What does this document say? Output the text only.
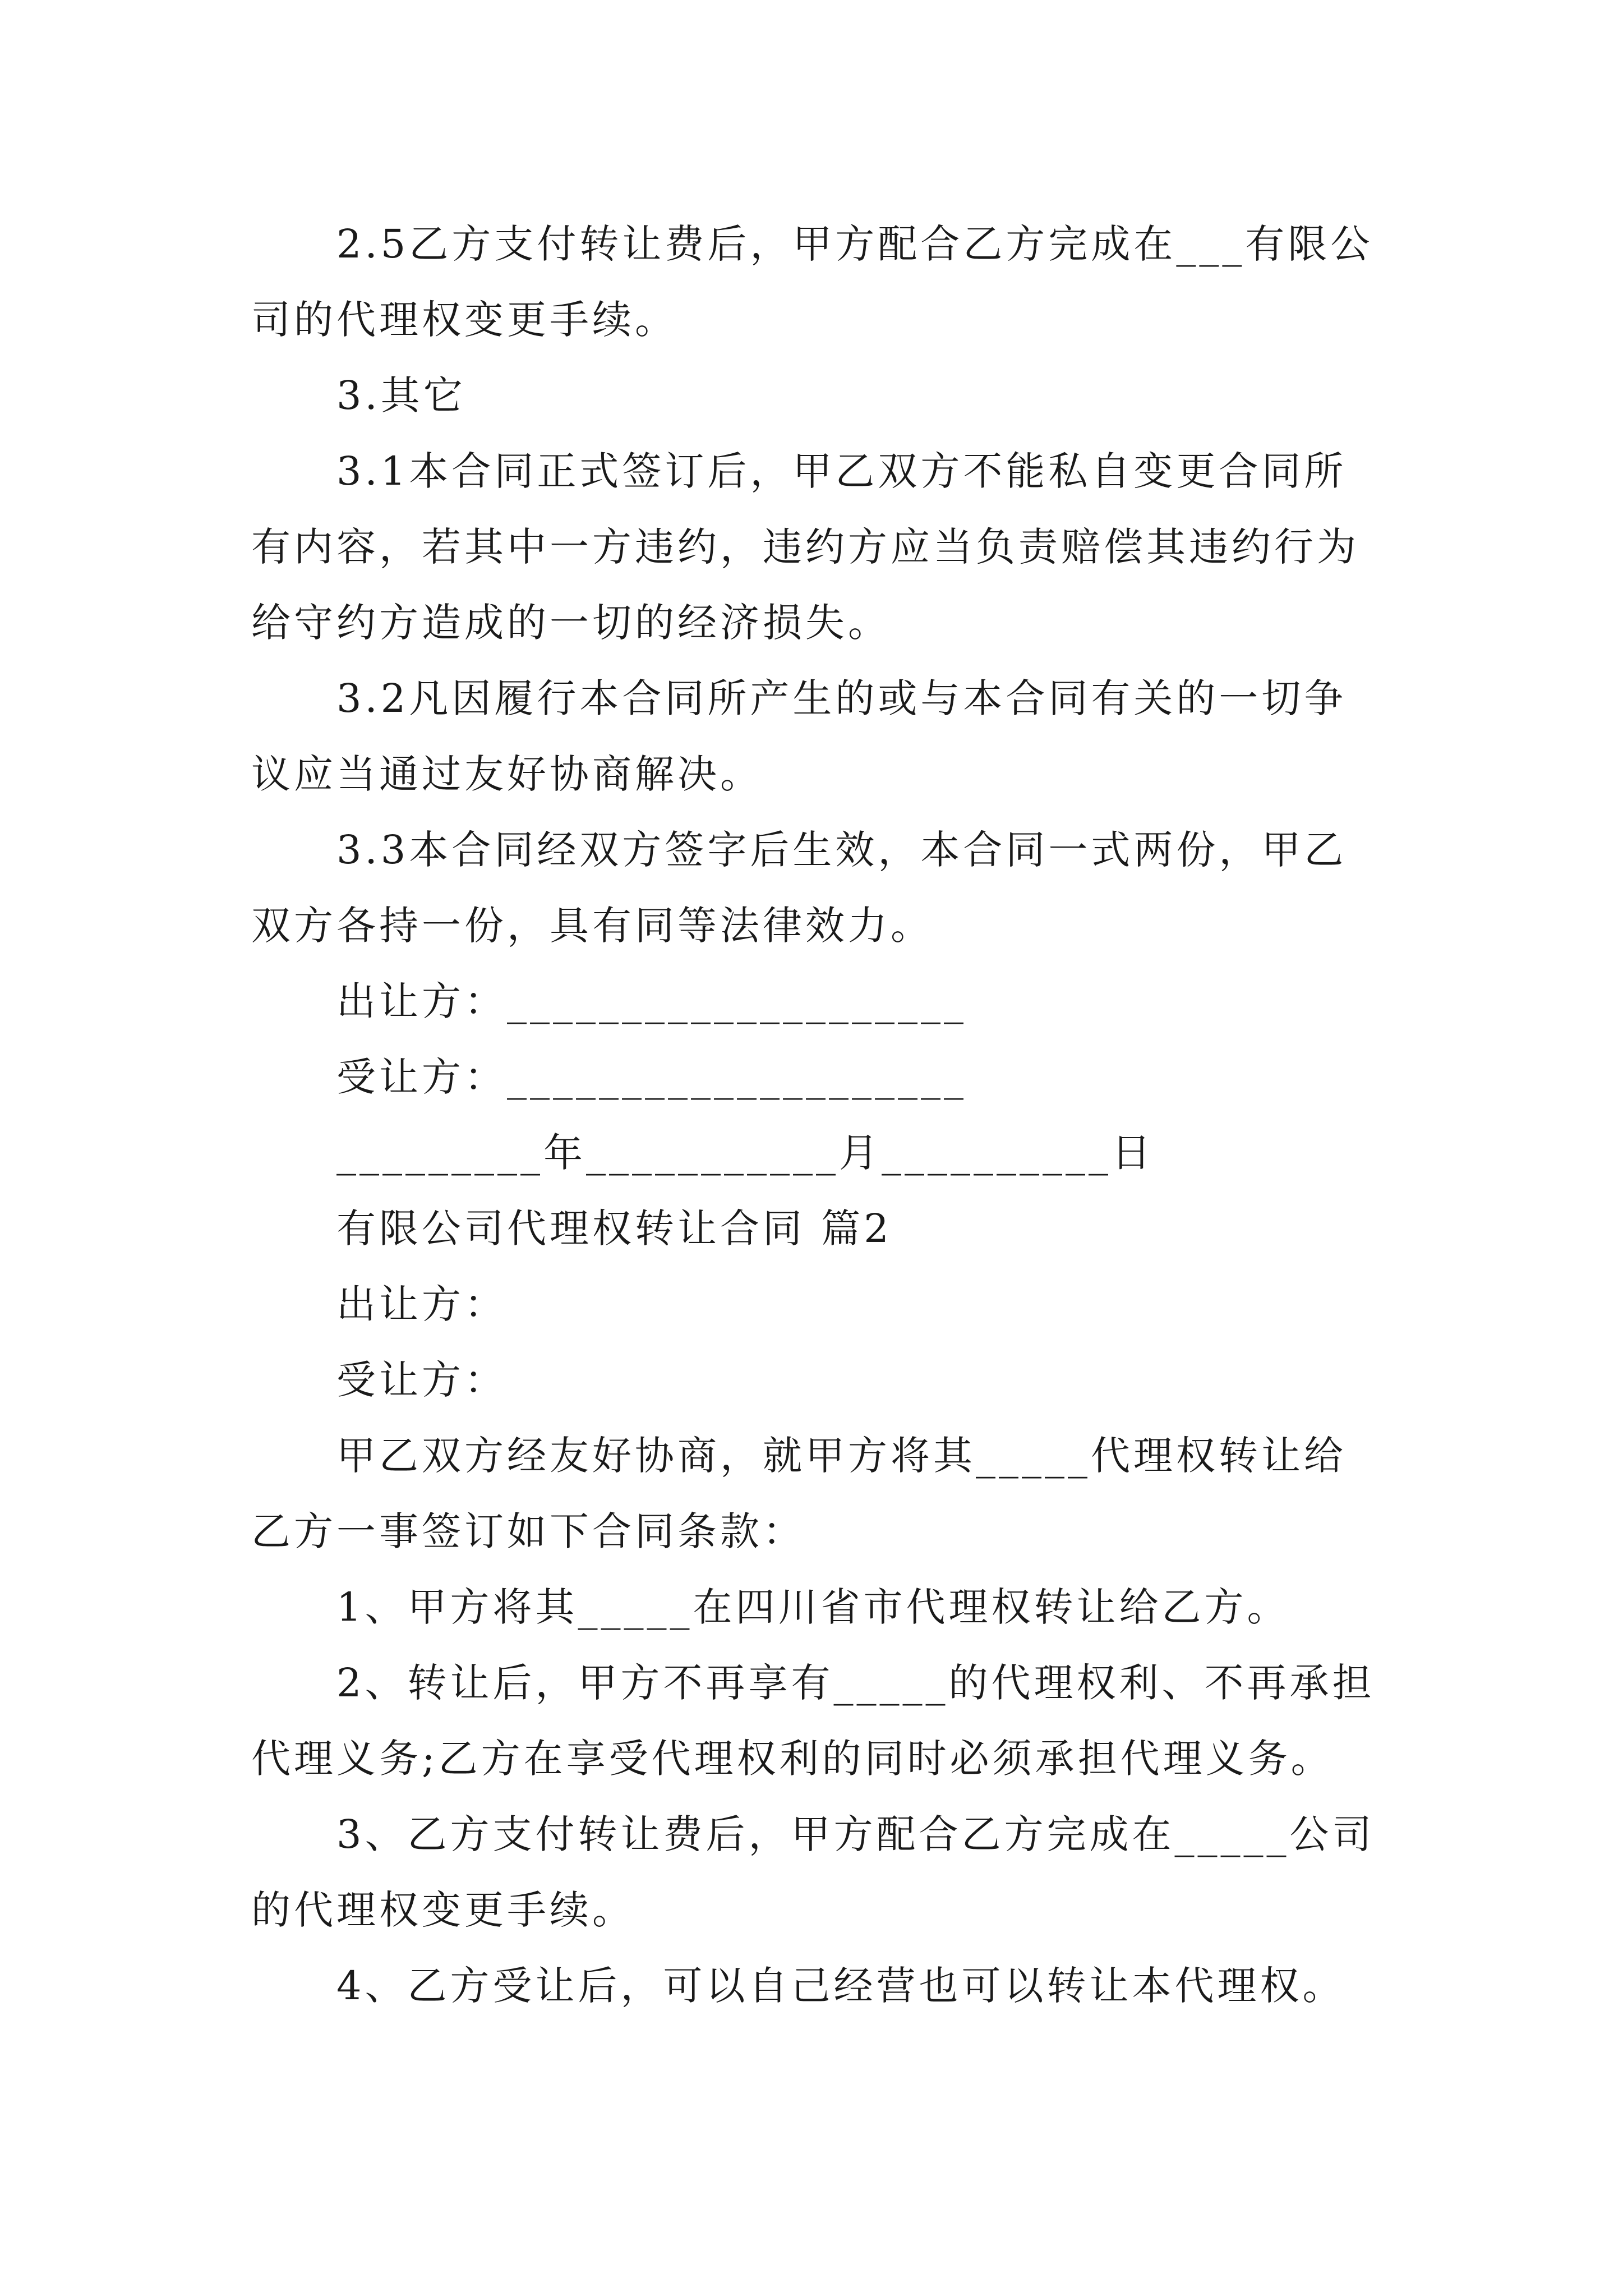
2.5乙方支付转让费后，甲方配合乙方完成在___有限公
司的代理权变更手续。
3.其它
3.1本合同正式签订后，甲乙双方不能私自变更合同所
有内容，若其中一方违约，违约方应当负责赔偿其违约行为
给守约方造成的一切的经济损失。
3.2凡因履行本合同所产生的或与本合同有关的一切争
议应当通过友好协商解决。
3.3本合同经双方签字后生效，本合同一式两份，甲乙
双方各持一份，具有同等法律效力。
出让方：____________________
受让方：____________________
_________年___________月__________日
有限公司代理权转让合同 篇2
出让方：
受让方：
甲乙双方经友好协商，就甲方将其_____代理权转让给
乙方一事签订如下合同条款：
1、甲方将其_____在四川省市代理权转让给乙方。
2、转让后，甲方不再享有_____的代理权利、不再承担
代理义务;乙方在享受代理权利的同时必须承担代理义务。
3、乙方支付转让费后，甲方配合乙方完成在_____公司
的代理权变更手续。
4、乙方受让后，可以自己经营也可以转让本代理权。
